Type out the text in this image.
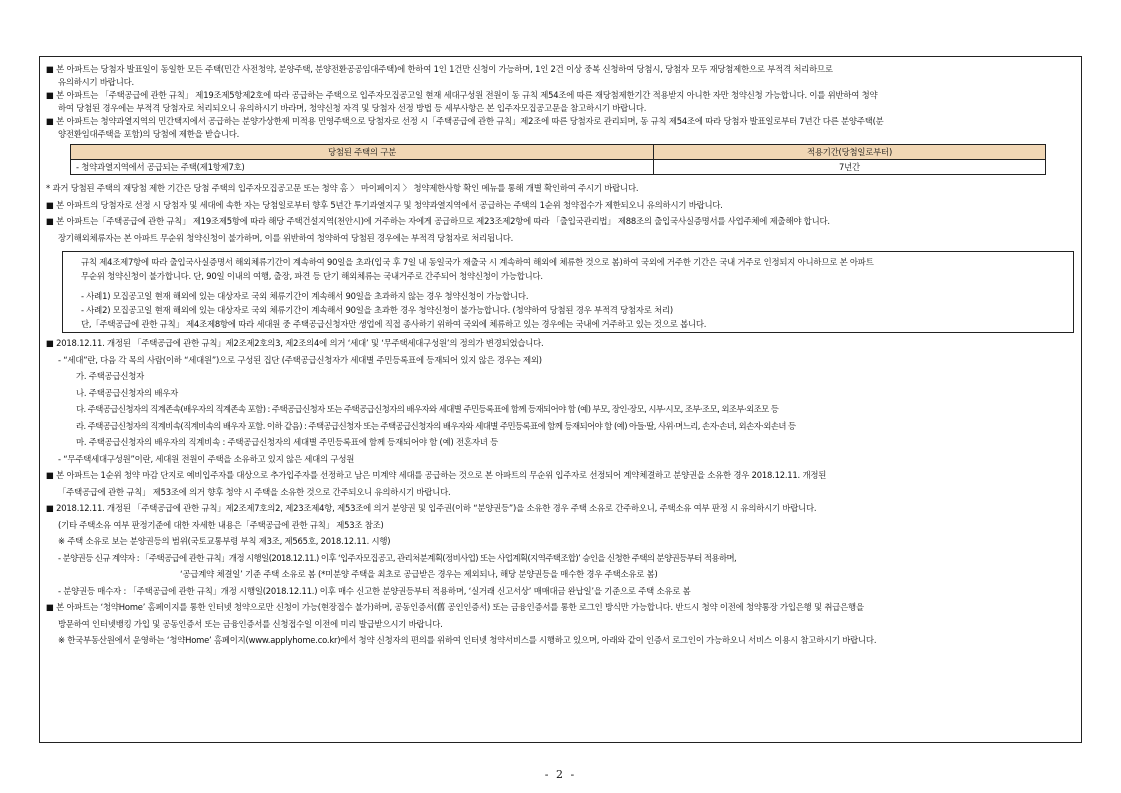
■ 본 아파트는 당첨자 발표일이 동일한 모든 주택(민간 사전청약, 분양주택, 분양전환공공임대주택)에 한하여 1인 1건만 신청이 가능하며, 1인 2건 이상 중복 신청하여 당첨시, 당첨자 모두 재당첨제한으로 부적격 처리하므로
유의하시기 바랍니다.
■ 본 아파트는 「주택공급에 관한 규칙」 제19조제5항제2호에 따라 공급하는 주택으로 입주자모집공고일 현재 세대구성원 전원이 동 규칙 제54조에 따른 재당첨제한기간 적용받지 아니한 자만 청약신청 가능합니다. 이를 위반하여 청약
하여 당첨된 경우에는 부적격 당첨자로 처리되오니 유의하시기 바라며, 청약신청 자격 및 당첨자 선정 방법 등 세부사항은 본 입주자모집공고문을 참고하시기 바랍니다.
■ 본 아파트는 청약과열지역의 민간택지에서 공급하는 분양가상한제 미적용 민영주택으로 당첨자로 선정 시「주택공급에 관한 규칙」제2조에 따른 당첨자로 관리되며, 동 규칙 제54조에 따라 당첨자 발표일로부터 7년간 다른 분양주택(분
양전환임대주택을 포함)의 당첨에 제한을 받습니다.
당첨된 주택의 구분	적용기간(당첨일로부터)
- 청약과열지역에서 공급되는 주택(제1항제7호)	7년간
* 과거 당첨된 주택의 재당첨 제한 기간은 당첨 주택의 입주자모집공고문 또는 청약 홈 〉 마이페이지 〉 청약제한사항 확인 메뉴를 통해 개별 확인하여 주시기 바랍니다.
■ 본 아파트의 당첨자로 선정 시 당첨자 및 세대에 속한 자는 당첨일로부터 향후 5년간 투기과열지구 및 청약과열지역에서 공급하는 주택의 1순위 청약접수가 제한되오니 유의하시기 바랍니다.
■ 본 아파트는「주택공급에 관한 규칙」 제19조제5항에 따라 해당 주택건설지역(천안시)에 거주하는 자에게 공급하므로 제23조제2항에 따라 「출입국관리법」 제88조의 출입국사실증명서를 사업주체에 제출해야 합니다.
장기해외체류자는 본 아파트 무순위 청약신청이 불가하며, 이를 위반하여 청약하여 당첨된 경우에는 부적격 당첨자로 처리됩니다.
규칙 제4조제7항에 따라 출입국사실증명서 해외체류기간이 계속하여 90일을 초과(입국 후 7일 내 동일국가 재출국 시 계속하여 해외에 체류한 것으로 봄)하여 국외에 거주한 기간은 국내 거주로 인정되지 아니하므로 본 아파트
무순위 청약신청이 불가합니다. 단, 90일 이내의 여행, 출장, 파견 등 단기 해외체류는 국내거주로 간주되어 청약신청이 가능합니다.
- 사례1) 모집공고일 현재 해외에 있는 대상자로 국외 체류기간이 계속해서 90일을 초과하지 않는 경우 청약신청이 가능합니다.
- 사례2) 모집공고일 현재 해외에 있는 대상자로 국외 체류기간이 계속해서 90일을 초과한 경우 청약신청이 불가능합니다. (청약하여 당첨된 경우 부적격 당첨자로 처리)
단,「주택공급에 관한 규칙」 제4조제8항에 따라 세대원 중 주택공급신청자만 생업에 직접 종사하기 위하여 국외에 체류하고 있는 경우에는 국내에 거주하고 있는 것으로 봅니다.
■ 2018.12.11. 개정된 「주택공급에 관한 규칙」제2조제2호의3, 제2조의4에 의거 ‘세대’ 및 ‘무주택세대구성원’의 정의가 변경되었습니다.
- “세대”란, 다음 각 목의 사람(이하 “세대원”)으로 구성된 집단 (주택공급신청자가 세대별 주민등록표에 등재되어 있지 않은 경우는 제외)
가. 주택공급신청자
나. 주택공급신청자의 배우자
다. 주택공급신청자의 직계존속(배우자의 직계존속 포함) : 주택공급신청자 또는 주택공급신청자의 배우자와 세대별 주민등록표에 함께 등재되어야 함 (예) 부모, 장인·장모, 시부·시모, 조부·조모, 외조부·외조모 등
라. 주택공급신청자의 직계비속(직계비속의 배우자 포함. 이하 같음) : 주택공급신청자 또는 주택공급신청자의 배우자와 세대별 주민등록표에 함께 등재되어야 함 (예) 아들·딸, 사위·며느리, 손자·손녀, 외손자·외손녀 등
마. 주택공급신청자의 배우자의 직계비속 : 주택공급신청자의 세대별 주민등록표에 함께 등재되어야 함 (예) 전혼자녀 등
- “무주택세대구성원”이란, 세대원 전원이 주택을 소유하고 있지 않은 세대의 구성원
■ 본 아파트는 1순위 청약 마감 단지로 예비입주자를 대상으로 추가입주자를 선정하고 남은 미계약 세대를 공급하는 것으로 본 아파트의 무순위 입주자로 선정되어 계약체결하고 분양권을 소유한 경우 2018.12.11. 개정된
「주택공급에 관한 규칙」 제53조에 의거 향후 청약 시 주택을 소유한 것으로 간주되오니 유의하시기 바랍니다.
■ 2018.12.11. 개정된 「주택공급에 관한 규칙」제2조제7호의2, 제23조제4항, 제53조에 의거 분양권 및 입주권(이하 “분양권등”)을 소유한 경우 주택 소유로 간주하오니, 주택소유 여부 판정 시 유의하시기 바랍니다.
(기타 주택소유 여부 판정기준에 대한 자세한 내용은「주택공급에 관한 규칙」 제53조 참조)
※ 주택 소유로 보는 분양권등의 범위(국토교통부령 부칙 제3조, 제565호, 2018.12.11. 시행)
- 분양권등 신규 계약자 : 「주택공급에 관한 규칙」개정 시행일(2018.12.11.) 이후 ‘입주자모집공고, 관리처분계획(정비사업) 또는 사업계획(지역주택조합)’ 승인을 신청한 주택의 분양권등부터 적용하며,
‘공급계약 체결일’ 기준 주택 소유로 봄 (*미분양 주택을 최초로 공급받은 경우는 제외되나, 해당 분양권등을 매수한 경우 주택소유로 봄)
- 분양권등 매수자 : 「주택공급에 관한 규칙」개정 시행일(2018.12.11.) 이후 매수 신고한 분양권등부터 적용하며, ‘실거래 신고서상’ 매매대금 완납일’을 기준으로 주택 소유로 봄
■ 본 아파트는 ‘청약Home’ 홈페이지를 통한 인터넷 청약으로만 신청이 가능(현장접수 불가)하며, 공동인증서(舊 공인인증서) 또는 금융인증서를 통한 로그인 방식만 가능합니다. 반드시 청약 이전에 청약통장 가입은행 및 취급은행을
방문하여 인터넷뱅킹 가입 및 공동인증서 또는 금융인증서를 신청접수일 이전에 미리 발급받으시기 바랍니다.
※ 한국부동산원에서 운영하는 ‘청약Home’ 홈페이지(www.applyhome.co.kr)에서 청약 신청자의 편의를 위하여 인터넷 청약서비스를 시행하고 있으며, 아래와 같이 인증서 로그인이 가능하오니 서비스 이용시 참고하시기 바랍니다.
- 2 -
